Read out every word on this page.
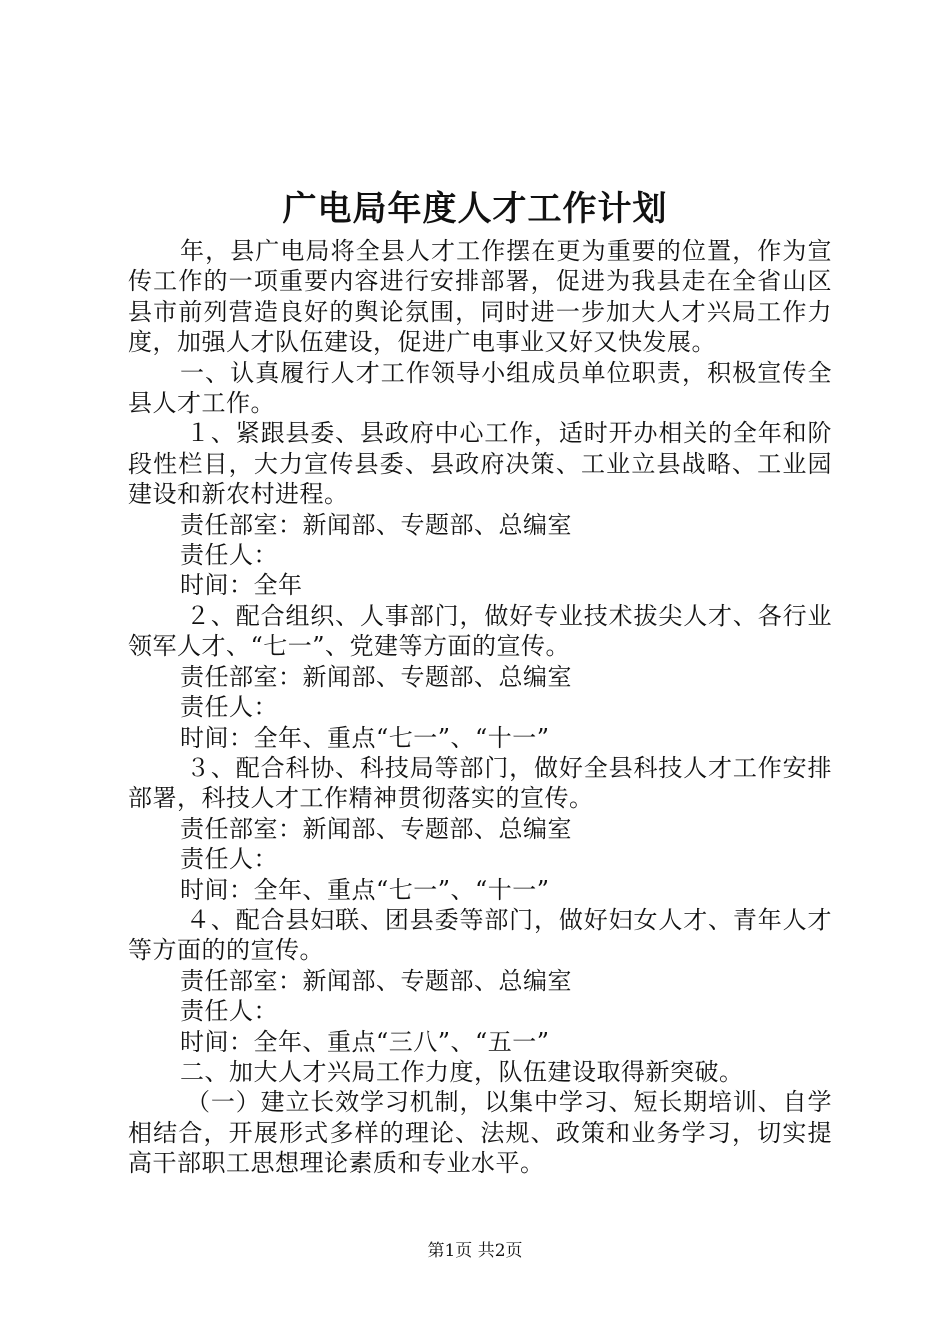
广电局年度人才工作计划

年，县广电局将全县人才工作摆在更为重要的位置，作为宣传工作的一项重要内容进行安排部署，促进为我县走在全省山区县市前列营造良好的舆论氛围，同时进一步加大人才兴局工作力度，加强人才队伍建设，促进广电事业又好又快发展。

一、认真履行人才工作领导小组成员单位职责，积极宣传全县人才工作。

１、紧跟县委、县政府中心工作，适时开办相关的全年和阶段性栏目，大力宣传县委、县政府决策、工业立县战略、工业园建设和新农村进程。

责任部室：新闻部、专题部、总编室

责任人：

时间：全年

２、配合组织、人事部门，做好专业技术拔尖人才、各行业领军人才、“七一”、党建等方面的宣传。

责任部室：新闻部、专题部、总编室

责任人：

时间：全年、重点“七一”、“十一”

３、配合科协、科技局等部门，做好全县科技人才工作安排部署，科技人才工作精神贯彻落实的宣传。

责任部室：新闻部、专题部、总编室

责任人：

时间：全年、重点“七一”、“十一”

４、配合县妇联、团县委等部门，做好妇女人才、青年人才等方面的的宣传。

责任部室：新闻部、专题部、总编室

责任人：

时间：全年、重点“三八”、“五一”

二、加大人才兴局工作力度，队伍建设取得新突破。

（一）建立长效学习机制，以集中学习、短长期培训、自学相结合，开展形式多样的理论、法规、政策和业务学习，切实提高干部职工思想理论素质和专业水平。

第1页 共2页
